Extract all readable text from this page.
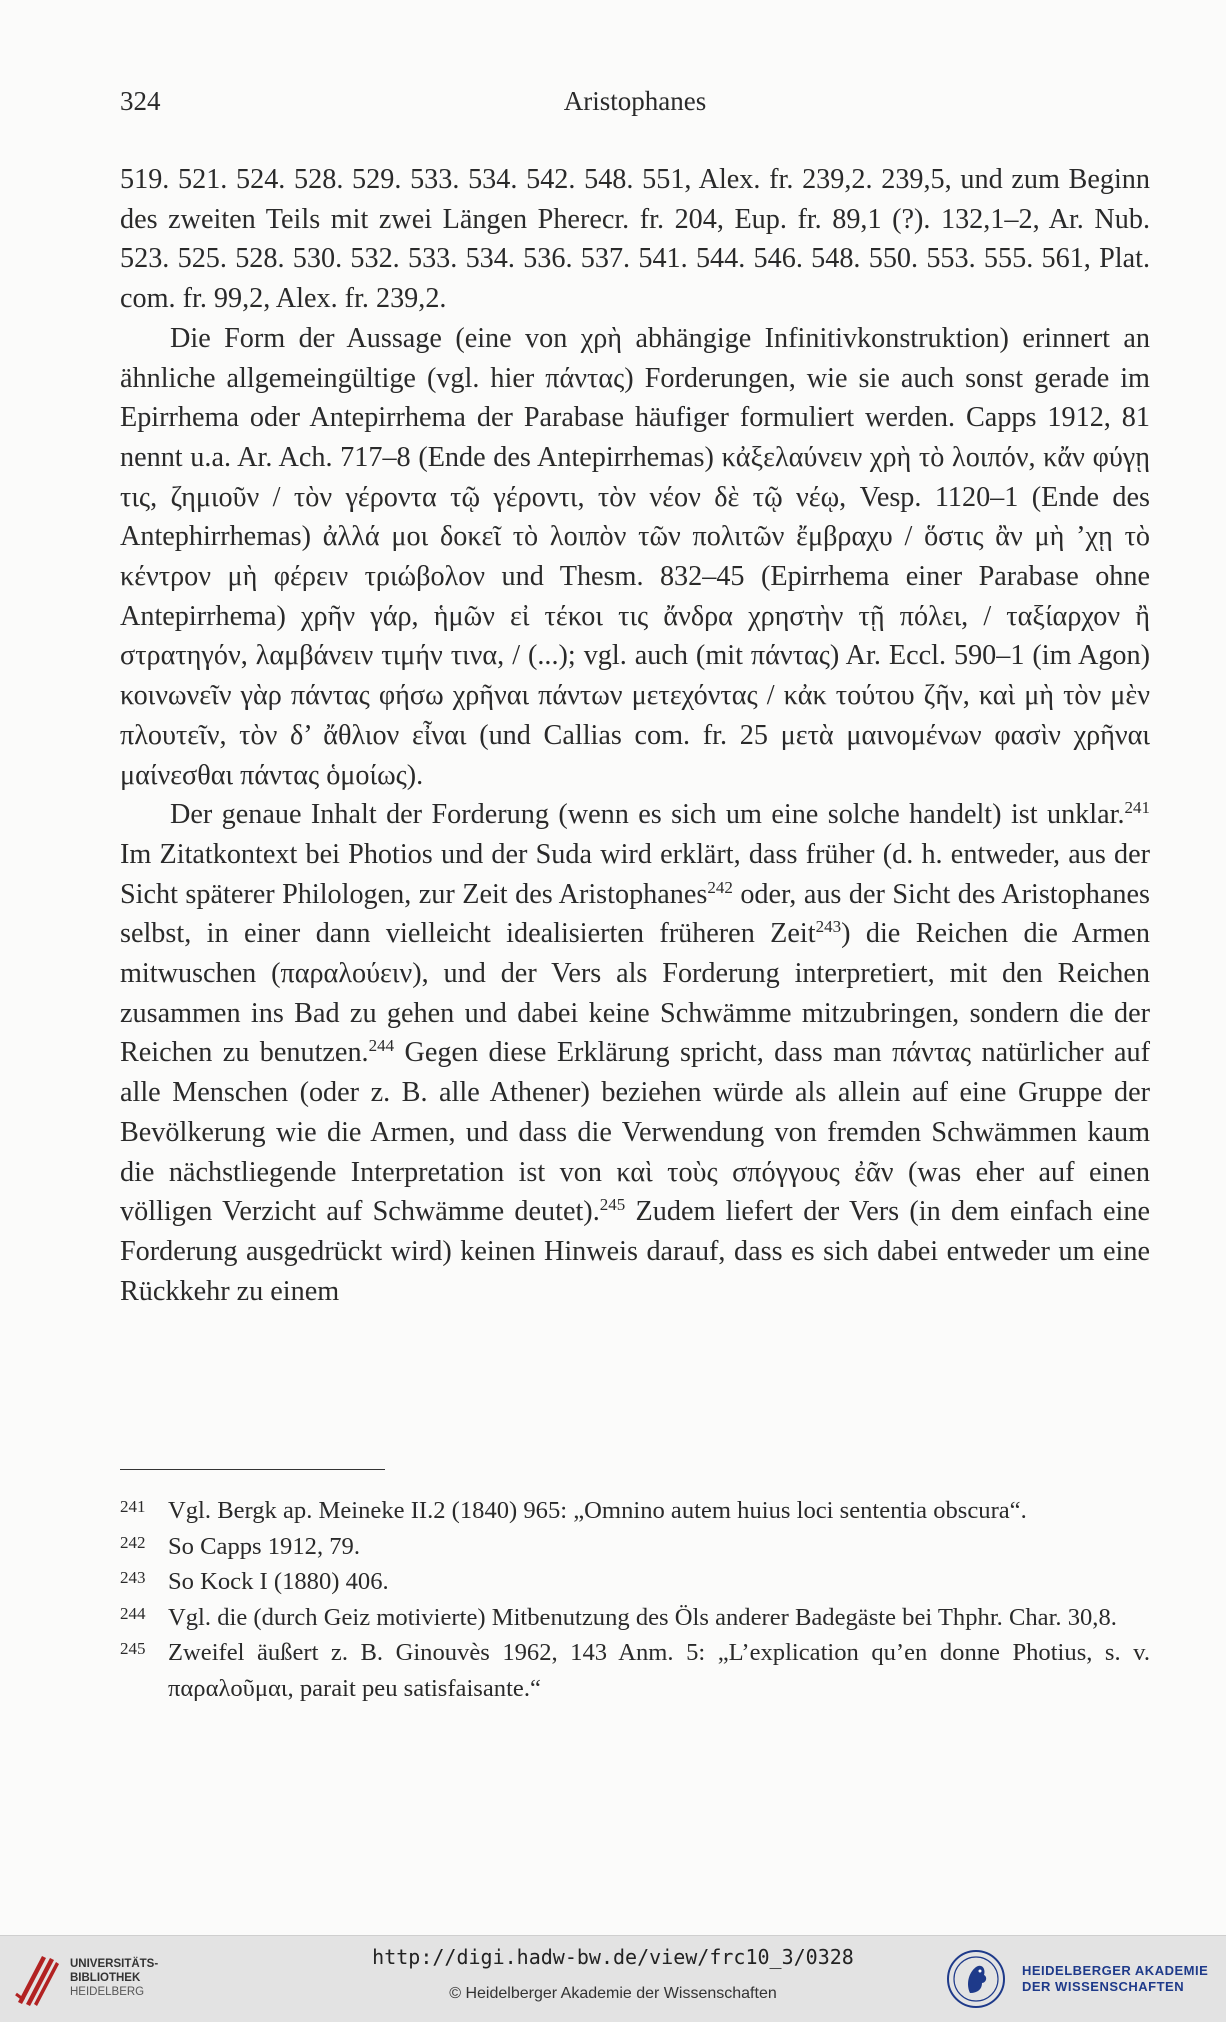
324	Aristophanes

519. 521. 524. 528. 529. 533. 534. 542. 548. 551, Alex. fr. 239,2. 239,5, und zum Beginn des zweiten Teils mit zwei Längen Pherecr. fr. 204, Eup. fr. 89,1 (?). 132,1–2, Ar. Nub. 523. 525. 528. 530. 532. 533. 534. 536. 537. 541. 544. 546. 548. 550. 553. 555. 561, Plat. com. fr. 99,2, Alex. fr. 239,2.

Die Form der Aussage (eine von χρὴ abhängige Infinitivkonstruktion) erinnert an ähnliche allgemeingültige (vgl. hier πάντας) Forderungen, wie sie auch sonst gerade im Epirrhema oder Antepirrhema der Parabase häufiger formuliert werden. Capps 1912, 81 nennt u.a. Ar. Ach. 717–8 (Ende des Antepirrhemas) κἀξελαύνειν χρὴ τὸ λοιπόν, κἄν φύγῃ τις, ζημιοῦν / τὸν γέροντα τῷ γέροντι, τὸν νέον δὲ τῷ νέῳ, Vesp. 1120–1 (Ende des Antephirrhemas) ἀλλά μοι δοκεῖ τὸ λοιπὸν τῶν πολιτῶν ἔμβραχυ / ὅστις ἂν μὴ ’χῃ τὸ κέντρον μὴ φέρειν τριώβολον und Thesm. 832–45 (Epirrhema einer Parabase ohne Antepirrhema) χρῆν γάρ, ἡμῶν εἰ τέκοι τις ἄνδρα χρηστὴν τῇ πόλει, / ταξίαρχον ἢ στρατηγόν, λαμβάνειν τιμήν τινα, / (...); vgl. auch (mit πάντας) Ar. Eccl. 590–1 (im Agon) κοινωνεῖν γὰρ πάντας φήσω χρῆναι πάντων μετεχόντας / κἀκ τούτου ζῆν, καὶ μὴ τὸν μὲν πλουτεῖν, τὸν δ’ ἄθλιον εἶναι (und Callias com. fr. 25 μετὰ μαινομένων φασὶν χρῆναι μαίνεσθαι πάντας ὁμοίως).

Der genaue Inhalt der Forderung (wenn es sich um eine solche handelt) ist unklar.$^{241}$ Im Zitatkontext bei Photios und der Suda wird erklärt, dass früher (d. h. entweder, aus der Sicht späterer Philologen, zur Zeit des Aristophanes$^{242}$ oder, aus der Sicht des Aristophanes selbst, in einer dann vielleicht idealisierten früheren Zeit$^{243}$) die Reichen die Armen mitwuschen (παραλούειν), und der Vers als Forderung interpretiert, mit den Reichen zusammen ins Bad zu gehen und dabei keine Schwämme mitzubringen, sondern die der Reichen zu benutzen.$^{244}$ Gegen diese Erklärung spricht, dass man πάντας natürlicher auf alle Menschen (oder z. B. alle Athener) beziehen würde als allein auf eine Gruppe der Bevölkerung wie die Armen, und dass die Verwendung von fremden Schwämmen kaum die nächstliegende Interpretation ist von καὶ τοὺς σπόγγους ἐᾶν (was eher auf einen völligen Verzicht auf Schwämme deutet).$^{245}$ Zudem liefert der Vers (in dem einfach eine Forderung ausgedrückt wird) keinen Hinweis darauf, dass es sich dabei entweder um eine Rückkehr zu einem

241 Vgl. Bergk ap. Meineke II.2 (1840) 965: „Omnino autem huius loci sententia obscura“.
242 So Capps 1912, 79.
243 So Kock I (1880) 406.
244 Vgl. die (durch Geiz motivierte) Mitbenutzung des Öls anderer Badegäste bei Thphr. Char. 30,8.
245 Zweifel äußert z. B. Ginouvès 1962, 143 Anm. 5: „L’explication qu’en donne Photius, s. v. παραλοῦμαι, parait peu satisfaisante.“
UNIVERSITÄTS-
BIBLIOTHEK
HEIDELBERG
http://digi.hadw-bw.de/view/frc10_3/0328
© Heidelberger Akademie der Wissenschaften
HEIDELBERGER AKADEMIE
DER WISSENSCHAFTEN
